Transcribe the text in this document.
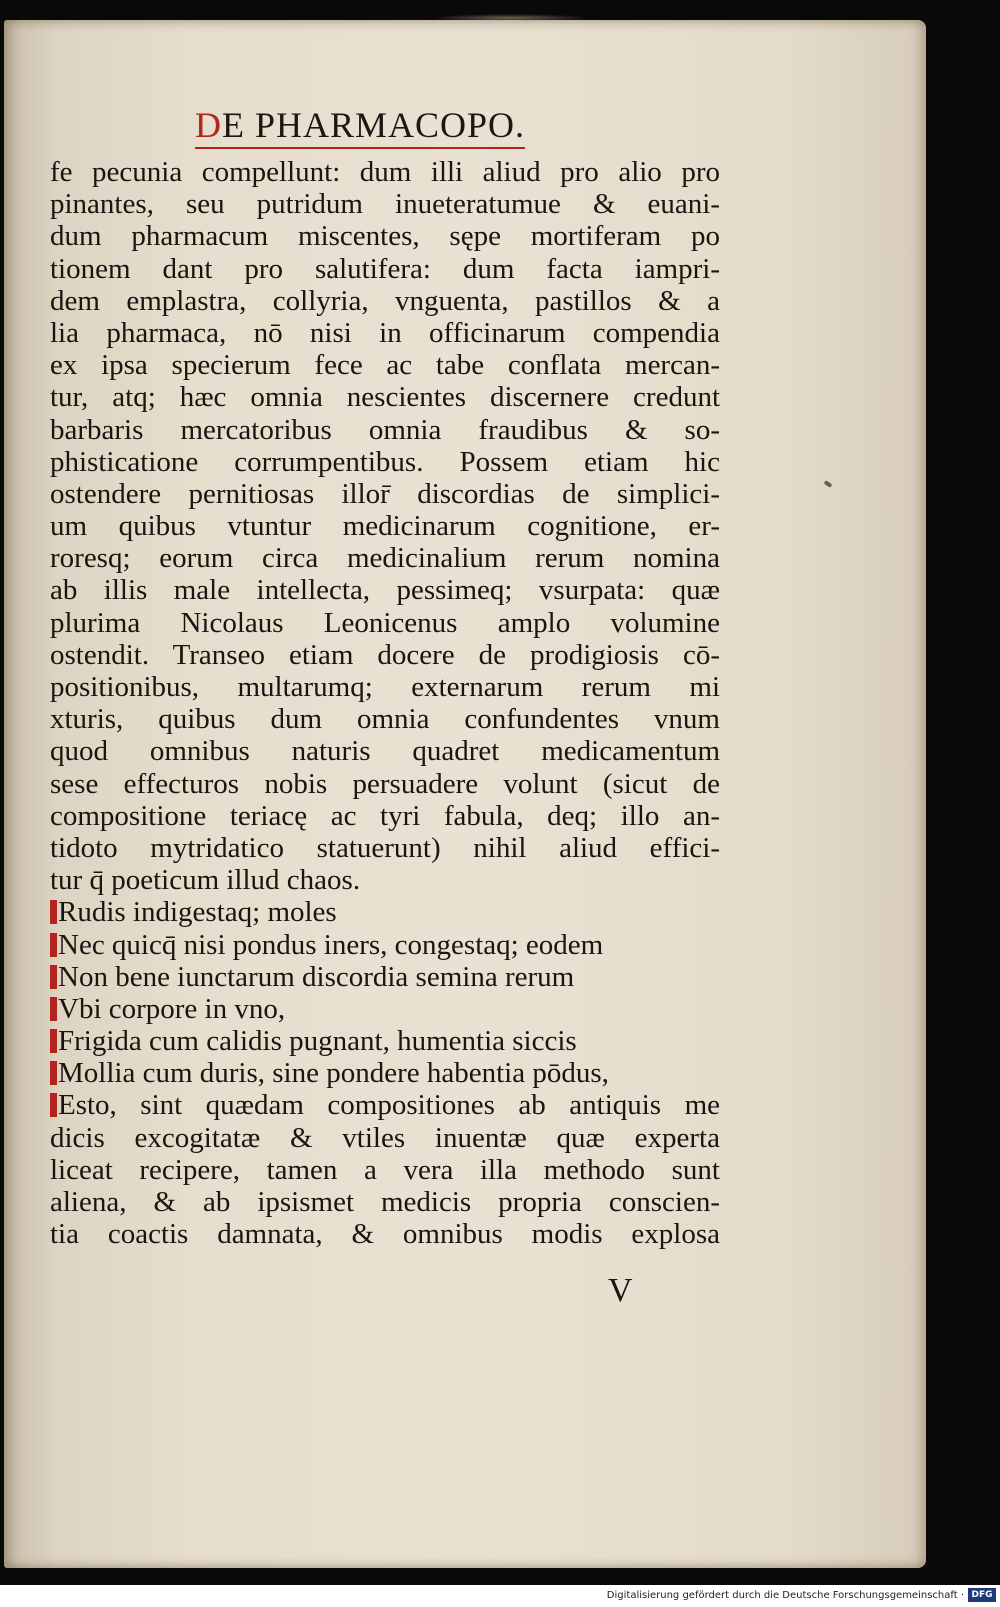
DE PHARMACOPO.
fe pecunia compellunt: dum illi aliud pro alio pro
pinantes, seu putridum inueteratumue & euani-
dum pharmacum miscentes, sępe mortiferam po
tionem dant pro salutifera: dum facta iampri-
dem emplastra, collyria, vnguenta, pastillos & a
lia pharmaca, nō nisi in officinarum compendia
ex ipsa specierum fece ac tabe conflata mercan-
tur, atq; hæc omnia nescientes discernere credunt
barbaris mercatoribus omnia fraudibus & so-
phisticatione corrumpentibus. Possem etiam hic
ostendere pernitiosas illor̄ discordias de simplici-
um quibus vtuntur medicinarum cognitione, er-
roresq; eorum circa medicinalium rerum nomina
ab illis male intellecta, pessimeq; vsurpata: quæ
plurima Nicolaus Leonicenus amplo volumine
ostendit. Transeo etiam docere de prodigiosis cō-
positionibus, multarumq; externarum rerum mi
xturis, quibus dum omnia confundentes vnum
quod omnibus naturis quadret medicamentum
sese effecturos nobis persuadere volunt (sicut de
compositione teriacę ac tyri fabula, deq; illo an-
tidoto mytridatico statuerunt) nihil aliud effici-
tur q̄ poeticum illud chaos.
Rudis indigestaq; moles
Nec quicq̄ nisi pondus iners, congestaq; eodem
Non bene iunctarum discordia semina rerum
Vbi corpore in vno,
Frigida cum calidis pugnant, humentia siccis
Mollia cum duris, sine pondere habentia pōdus,
Esto, sint quædam compositiones ab antiquis me
dicis excogitatæ & vtiles inuentæ quæ experta
liceat recipere, tamen a vera illa methodo sunt
aliena, & ab ipsismet medicis propria conscien-
tia coactis damnata, & omnibus modis explosa
V
Digitalisierung gefördert durch die Deutsche Forschungsgemeinschaft · DFG
